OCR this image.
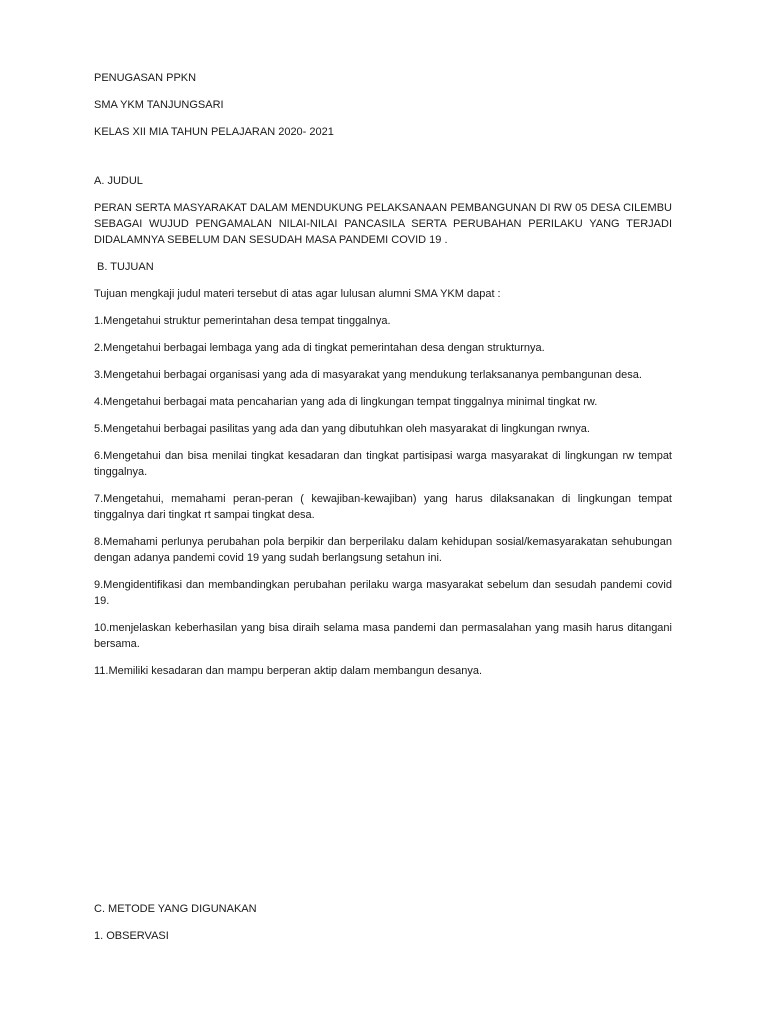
PENUGASAN PPKN

SMA YKM TANJUNGSARI

KELAS XII MIA TAHUN PELAJARAN 2020- 2021

A. JUDUL

PERAN SERTA MASYARAKAT DALAM MENDUKUNG PELAKSANAAN PEMBANGUNAN DI RW 05 DESA CILEMBU SEBAGAI WUJUD PENGAMALAN NILAI-NILAI PANCASILA SERTA PERUBAHAN PERILAKU YANG TERJADI DIDALAMNYA SEBELUM DAN SESUDAH MASA PANDEMI COVID 19 .

B. TUJUAN

Tujuan mengkaji judul materi tersebut di atas agar lulusan alumni SMA YKM dapat :

1.Mengetahui struktur pemerintahan desa tempat tinggalnya.

2.Mengetahui berbagai lembaga yang ada di tingkat pemerintahan desa dengan strukturnya.

3.Mengetahui berbagai organisasi yang ada di masyarakat yang mendukung terlaksananya pembangunan desa.

4.Mengetahui berbagai mata pencaharian yang ada di lingkungan tempat tinggalnya minimal tingkat rw.

5.Mengetahui berbagai pasilitas yang ada dan yang dibutuhkan oleh masyarakat di lingkungan rwnya.

6.Mengetahui dan bisa menilai tingkat kesadaran dan tingkat partisipasi warga masyarakat di lingkungan rw tempat tinggalnya.

7.Mengetahui, memahami peran-peran ( kewajiban-kewajiban) yang harus dilaksanakan di lingkungan tempat tinggalnya dari tingkat rt sampai tingkat desa.

8.Memahami perlunya perubahan pola berpikir dan berperilaku dalam kehidupan sosial/kemasyarakatan sehubungan dengan adanya pandemi covid 19 yang sudah berlangsung setahun ini.

9.Mengidentifikasi dan membandingkan perubahan perilaku warga masyarakat sebelum dan sesudah pandemi covid 19.

10.menjelaskan keberhasilan yang bisa diraih selama masa pandemi dan permasalahan yang masih harus ditangani bersama.

11.Memiliki kesadaran dan mampu berperan aktip dalam membangun desanya.

C. METODE YANG DIGUNAKAN

1. OBSERVASI
